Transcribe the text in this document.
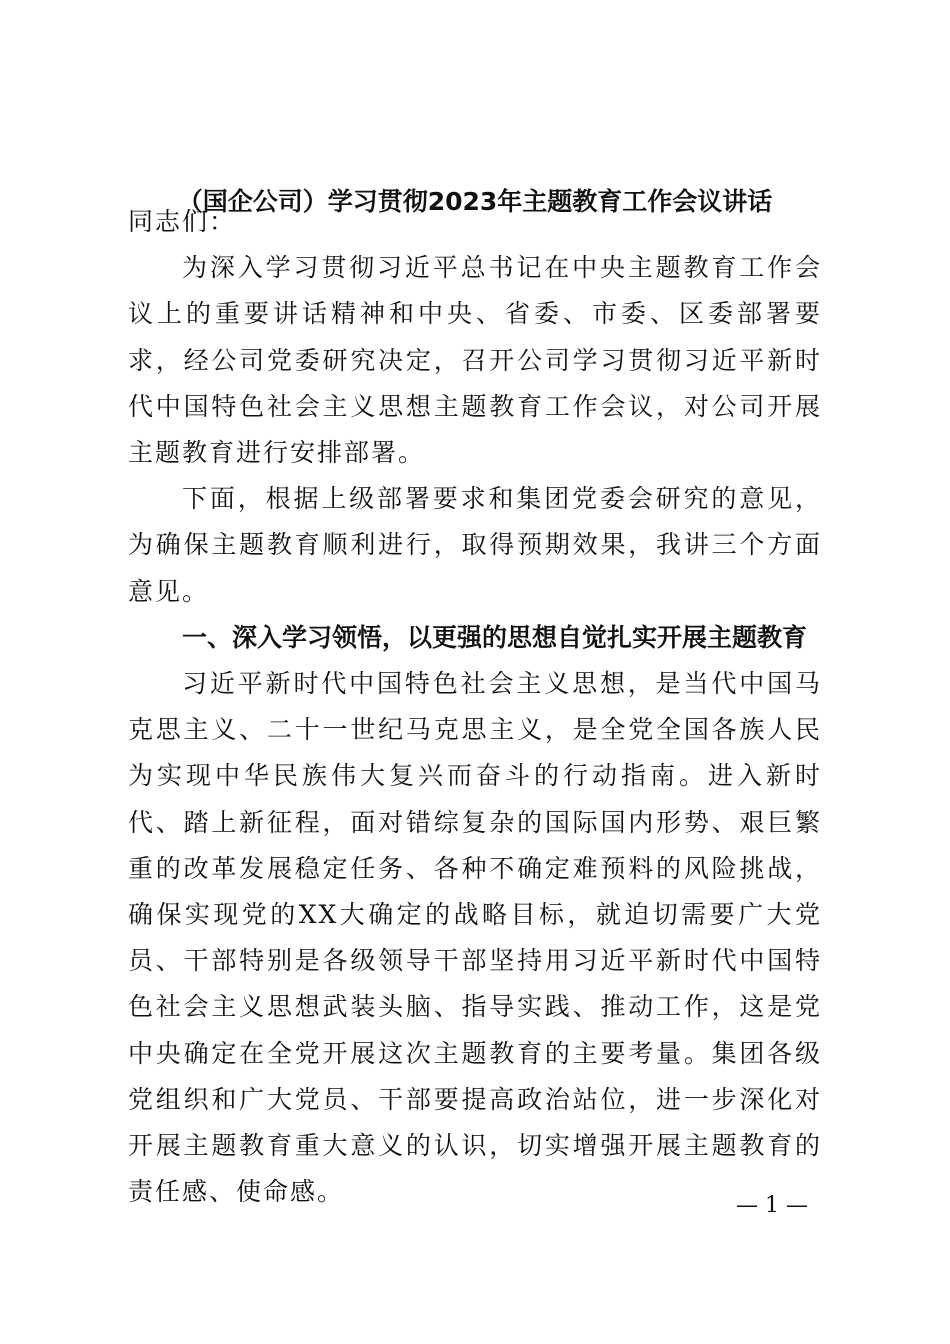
（国企公司）学习贯彻2023年主题教育工作会议讲话

同志们：

为深入学习贯彻习近平总书记在中央主题教育工作会议上的重要讲话精神和中央、省委、市委、区委部署要求，经公司党委研究决定，召开公司学习贯彻习近平新时代中国特色社会主义思想主题教育工作会议，对公司开展主题教育进行安排部署。

下面，根据上级部署要求和集团党委会研究的意见，为确保主题教育顺利进行，取得预期效果，我讲三个方面意见。

一、深入学习领悟，以更强的思想自觉扎实开展主题教育

习近平新时代中国特色社会主义思想，是当代中国马克思主义、二十一世纪马克思主义，是全党全国各族人民为实现中华民族伟大复兴而奋斗的行动指南。进入新时代、踏上新征程，面对错综复杂的国际国内形势、艰巨繁重的改革发展稳定任务、各种不确定难预料的风险挑战，确保实现党的XX大确定的战略目标，就迫切需要广大党员、干部特别是各级领导干部坚持用习近平新时代中国特色社会主义思想武装头脑、指导实践、推动工作，这是党中央确定在全党开展这次主题教育的主要考量。集团各级党组织和广大党员、干部要提高政治站位，进一步深化对开展主题教育重大意义的认识，切实增强开展主题教育的责任感、使命感。	— 1 —
